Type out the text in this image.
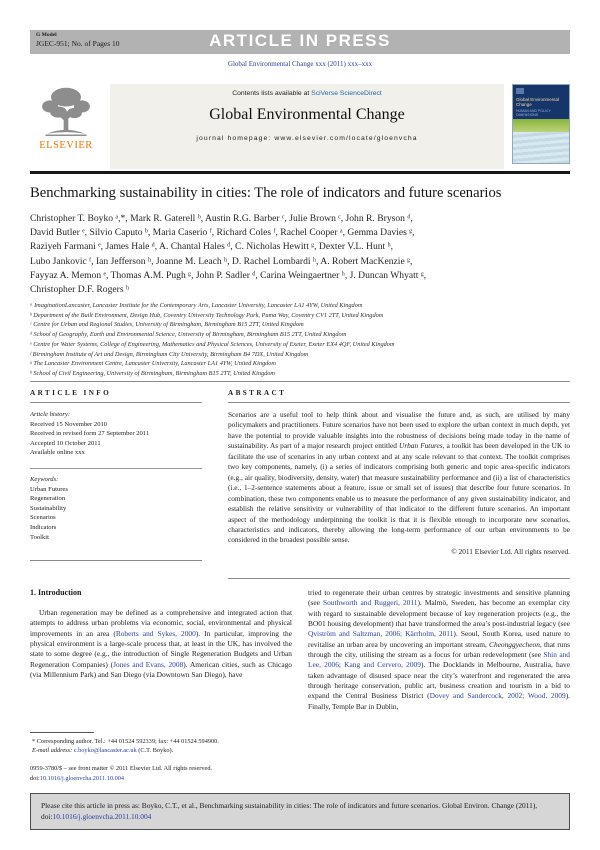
G Model
JGEC-951; No. of Pages 10	ARTICLE IN PRESS
Global Environmental Change xxx (2011) xxx–xxx
ELSEVIER
Contents lists available at SciVerse ScienceDirect
Global Environmental Change
journal homepage: www.elsevier.com/locate/gloenvcha
Global Environmental Change
HUMAN AND POLICY DIMENSIONS
Benchmarking sustainability in cities: The role of indicators and future scenarios
Christopher T. Boyko ᵃ,*, Mark R. Gaterell ᵇ, Austin R.G. Barber ᶜ, Julie Brown ᶜ, John R. Bryson ᵈ,
David Butler ᵉ, Silvio Caputo ᵇ, Maria Caserio ᶠ, Richard Coles ᶠ, Rachel Cooper ᵃ, Gemma Davies ᵍ,
Raziyeh Farmani ᵉ, James Hale ᵈ, A. Chantal Hales ᵈ, C. Nicholas Hewitt ᵍ, Dexter V.L. Hunt ʰ,
Lubo Jankovic ᶠ, Ian Jefferson ʰ, Joanne M. Leach ʰ, D. Rachel Lombardi ʰ, A. Robert MacKenzie ᵍ,
Fayyaz A. Memon ᵉ, Thomas A.M. Pugh ᵍ, John P. Sadler ᵈ, Carina Weingaertner ʰ, J. Duncan Whyatt ᵍ,
Christopher D.F. Rogers ʰ
ᵃ ImaginationLancaster, Lancaster Institute for the Contemporary Arts, Lancaster University, Lancaster LA1 4YW, United Kingdom
ᵇ Department of the Built Environment, Design Hub, Coventry University Technology Park, Puma Way, Coventry CV1 2TT, United Kingdom
ᶜ Centre for Urban and Regional Studies, University of Birmingham, Birmingham B15 2TT, United Kingdom
ᵈ School of Geography, Earth and Environmental Science, University of Birmingham, Birmingham B15 2TT, United Kingdom
ᵉ Centre for Water Systems, College of Engineering, Mathematics and Physical Sciences, University of Exeter, Exeter EX4 4QF, United Kingdom
ᶠ Birmingham Institute of Art and Design, Birmingham City University, Birmingham B4 7DX, United Kingdom
ᵍ The Lancaster Environment Centre, Lancaster University, Lancaster LA1 4YW, United Kingdom
ʰ School of Civil Engineering, University of Birmingham, Birmingham B15 2TT, United Kingdom
ARTICLE INFO
Article history:
Received 15 November 2010
Received in revised form 27 September 2011
Accepted 10 October 2011
Available online xxx
Keywords:
Urban Futures
Regeneration
Sustainability
Scenarios
Indicators
Toolkit
ABSTRACT
Scenarios are a useful tool to help think about and visualise the future and, as such, are utilised by many policymakers and practitioners. Future scenarios have not been used to explore the urban context in much depth, yet have the potential to provide valuable insights into the robustness of decisions being made today in the name of sustainability. As part of a major research project entitled Urban Futures, a toolkit has been developed in the UK to facilitate the use of scenarios in any urban context and at any scale relevant to that context. The toolkit comprises two key components, namely, (i) a series of indicators comprising both generic and topic area-specific indicators (e.g., air quality, biodiversity, density, water) that measure sustainability performance and (ii) a list of characteristics (i.e., 1–2-sentence statements about a feature, issue or small set of issues) that describe four future scenarios. In combination, these two components enable us to measure the performance of any given sustainability indicator, and establish the relative sensitivity or vulnerability of that indicator to the different future scenarios. An important aspect of the methodology underpinning the toolkit is that it is flexible enough to incorporate new scenarios, characteristics and indicators, thereby allowing the long-term performance of our urban environments to be considered in the broadest possible sense.
© 2011 Elsevier Ltd. All rights reserved.
1. Introduction

Urban regeneration may be defined as a comprehensive and integrated action that attempts to address urban problems via economic, social, environmental and physical improvements in an area (Roberts and Sykes, 2000). In particular, improving the physical environment is a large-scale process that, at least in the UK, has involved the state to some degree (e.g., the introduction of Single Regeneration Budgets and Urban Regeneration Companies) (Jones and Evans, 2008). American cities, such as Chicago (via Millennium Park) and San Diego (via Downtown San Diego), have

tried to regenerate their urban centres by strategic investments and sensitive planning (see Southworth and Ruggeri, 2011). Malmö, Sweden, has become an exemplar city with regard to sustainable development because of key regeneration projects (e.g., the BO01 housing development) that have transformed the area’s post-industrial legacy (see Qviström and Saltzman, 2006; Kärrholm, 2011). Seoul, South Korea, used nature to revitalise an urban area by uncovering an important stream, Cheonggyecheon, that runs through the city, utilising the stream as a focus for urban redevelopment (see Shin and Lee, 2006; Kang and Cervero, 2009). The Docklands in Melbourne, Australia, have taken advantage of disused space near the city’s waterfront and regenerated the area through heritage conservation, public art, business creation and tourism in a bid to expand the Central Business District (Dovey and Sandercock, 2002; Wood, 2009). Finally, Temple Bar in Dublin,

* Corresponding author. Tel.: +44 01524 592339; fax: +44 01524 594900.
E-mail address: c.boyko@lancaster.ac.uk (C.T. Boyko).
0959-3780/$ – see front matter © 2011 Elsevier Ltd. All rights reserved.
doi:10.1016/j.gloenvcha.2011.10.004
Please cite this article in press as: Boyko, C.T., et al., Benchmarking sustainability in cities: The role of indicators and future scenarios. Global Environ. Change (2011), doi:10.1016/j.gloenvcha.2011.10.004
